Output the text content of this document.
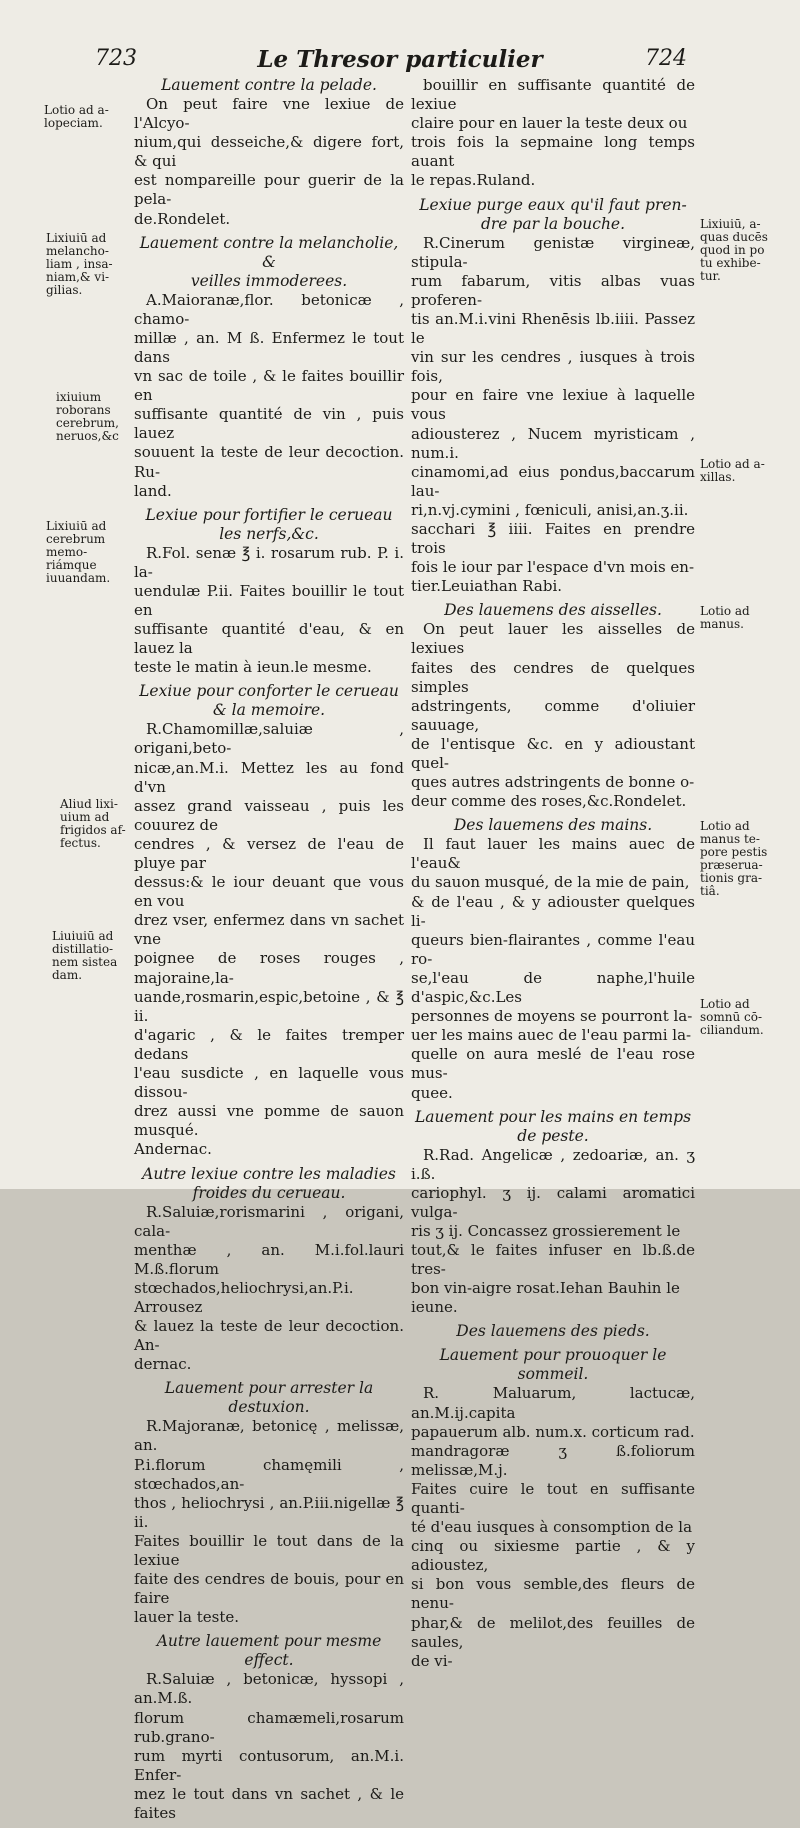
723	Le Thresor particulier	724

Lauement contre la pelade.

On peut faire vne lexiue de l'Alcyo-

nium,qui desseiche,& digere fort, & qui

est nompareille pour guerir de la pela-

de.Rondelet.

Lauement contre la melancholie, &

veilles immoderees.

A.Maioranæ,flor. betonicæ , chamo-

millæ , an. M ß. Enfermez le tout dans

vn sac de toile , & le faites bouillir en

suffisante quantité de vin , puis lauez

souuent la teste de leur decoction. Ru-

land.

Lexiue pour fortifier le cerueau

les nerfs,&c.

R.Fol. senæ ℥ i. rosarum rub. P. i. la-

uendulæ P.ii. Faites bouillir le tout en

suffisante quantité d'eau, & en lauez la

teste le matin à ieun.le mesme.

Lexiue pour conforter le cerueau

& la memoire.

R.Chamomillæ,saluiæ , origani,beto-

nicæ,an.M.i. Mettez les au fond d'vn

assez grand vaisseau , puis les couurez de

cendres , & versez de l'eau de pluye par

dessus:& le iour deuant que vous en vou

drez vser, enfermez dans vn sachet vne

poignee de roses rouges , majoraine,la-

uande,rosmarin,espic,betoine , & ℥ ii.

d'agaric , & le faites tremper dedans

l'eau susdicte , en laquelle vous dissou-

drez aussi vne pomme de sauon musqué.

Andernac.

Autre lexiue contre les maladies

froides du cerueau.

R.Saluiæ,rorismarini , origani, cala-

menthæ , an. M.i.fol.lauri M.ß.florum

stœchados,heliochrysi,an.P.i. Arrousez

& lauez la teste de leur decoction. An-

dernac.

Lauement pour arrester la destuxion.

R.Majoranæ, betonicę , melissæ, an.

P.i.florum chamęmili , stœchados,an-

thos , heliochrysi , an.P.iii.nigellæ ℥ ii.

Faites bouillir le tout dans de la lexiue

faite des cendres de bouis, pour en faire

lauer la teste.

Autre lauement pour mesme

effect.

R.Saluiæ , betonicæ, hyssopi , an.M.ß.

florum chamæmeli,rosarum rub.grano-

rum myrti contusorum, an.M.i. Enfer-

mez le tout dans vn sachet , & le faites

bouillir en suffisante quantité de lexiue

claire pour en lauer la teste deux ou

trois fois la sepmaine long temps auant

le repas.Ruland.

Lexiue purge eaux qu'il faut pren-

dre par la bouche.

R.Cinerum genistæ virgineæ, stipula-

rum fabarum, vitis albas vuas proferen-

tis an.M.i.vini Rhenēsis lb.iiii. Passez le

vin sur les cendres , iusques à trois fois,

pour en faire vne lexiue à laquelle vous

adiousterez , Nucem myristicam , num.i.

cinamomi,ad eius pondus,baccarum lau-

ri,n.vj.cymini , fœniculi, anisi,an.ʒ.ii.

sacchari ℥ iiii. Faites en prendre trois

fois le iour par l'espace d'vn mois en-

tier.Leuiathan Rabi.

Des lauemens des aisselles.

On peut lauer les aisselles de lexiues

faites des cendres de quelques simples

adstringents, comme d'oliuier sauuage,

de l'entisque &c. en y adioustant quel-

ques autres adstringents de bonne o-

deur comme des roses,&c.Rondelet.

Des lauemens des mains.

Il faut lauer les mains auec de l'eau&

du sauon musqué, de la mie de pain,

& de l'eau , & y adiouster quelques li-

queurs bien-flairantes , comme l'eau ro-

se,l'eau de naphe,l'huile d'aspic,&c.Les

personnes de moyens se pourront la-

uer les mains auec de l'eau parmi la-

quelle on aura meslé de l'eau rose mus-

quee.

Lauement pour les mains en temps

de peste.

R.Rad. Angelicæ , zedoariæ, an. ʒ i.ß.

cariophyl. ʒ ij. calami aromatici vulga-

ris ʒ ij. Concassez grossierement le

tout,& le faites infuser en lb.ß.de tres-

bon vin-aigre rosat.Iehan Bauhin le

ieune.

Des lauemens des pieds.

Lauement pour prouoquer le sommeil.

R. Maluarum, lactucæ, an.M.ij.capita

papauerum alb. num.x. corticum rad.

mandragoræ ʒ ß.foliorum melissæ,M.j.

Faites cuire le tout en suffisante quanti-

té d'eau iusques à consomption de la

cinq ou sixiesme partie , & y adioustez,

si bon vous semble,des fleurs de nenu-

phar,& de melilot,des feuilles de saules,

de vi-

Lotio ad a-
lopeciam.
Lixiuiū ad
melancho-
liam , insa-
niam,& vi-
gilias.
ixiuium
roborans
cerebrum,
neruos,&c
Lixiuiū ad
cerebrum
memo-
riámque
iuuandam.
Aliud lixi-
uium ad
frigidos af-
fectus.
Liuiuiū ad
distillatio-
nem sistea
dam.
Lixiuiū, a-
quas ducēs
quod in po
tu exhibe-
tur.
Lotio ad a-
xillas.
Lotio ad
manus.
Lotio ad
manus te-
pore pestis
præserua-
tionis gra-
tiâ.
Lotio ad
somnū cō-
ciliandum.
